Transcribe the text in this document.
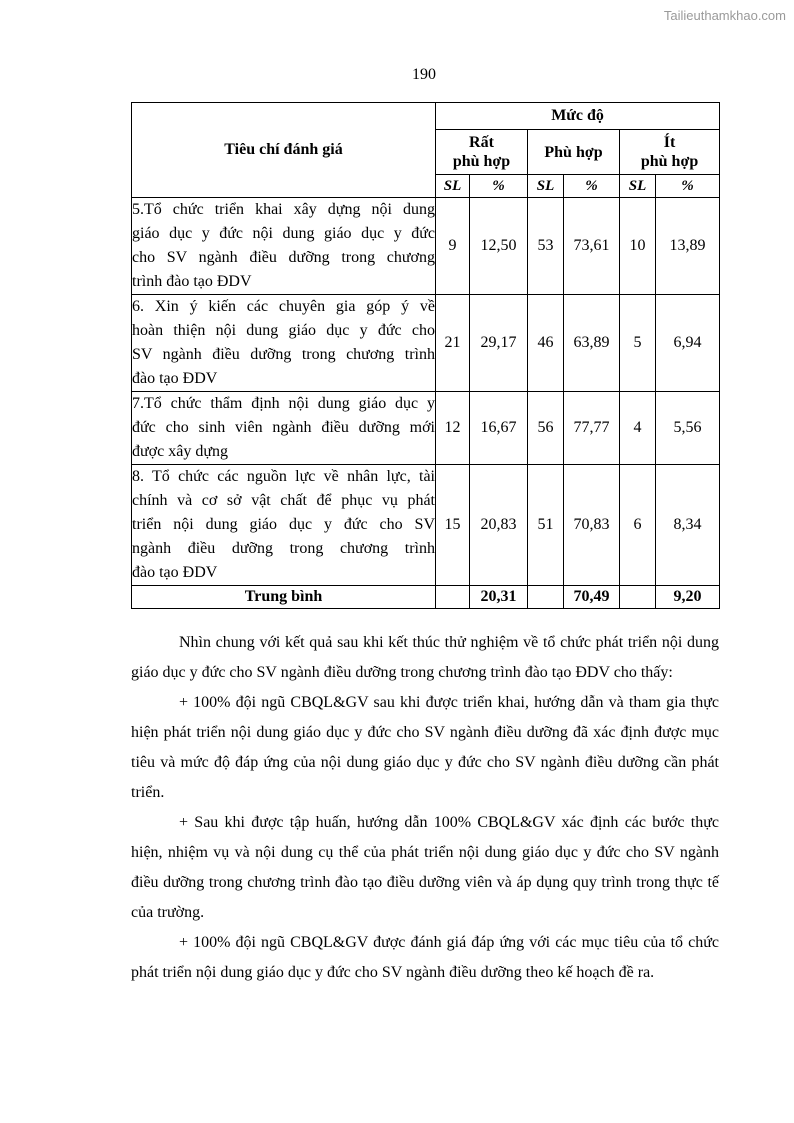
Tailieuthamkhao.com
190
Tiêu chí đánh giá	Mức độ					
	Rất
phù hợp		Phù hợp		Ít
phù hợp	
	SL	%	SL	%	SL	%

5.Tổ chức triển khai xây dựng nội dung
giáo dục y đức nội dung giáo dục y đức
cho SV ngành điều dưỡng trong chương
trình đào tạo ĐDV	9	12,50	53	73,61	10	13,89

6. Xin ý kiến các chuyên gia góp ý về
hoàn thiện nội dung giáo dục y đức cho
SV ngành điều dưỡng trong chương trình
đào tạo ĐDV	21	29,17	46	63,89	5	6,94

7.Tổ chức thẩm định nội dung giáo dục y
đức cho sinh viên ngành điều dưỡng mới
được xây dựng	12	16,67	56	77,77	4	5,56

8. Tổ chức các nguồn lực về nhân lực, tài
chính và cơ sở vật chất để phục vụ phát
triển nội dung giáo dục y đức cho SV
ngành điều dưỡng trong chương trình
đào tạo ĐDV	15	20,83	51	70,83	6	8,34
Trung bình		20,31		70,49		9,20

Nhìn chung với kết quả sau khi kết thúc thử nghiệm về tổ chức phát triển nội dung giáo dục y đức cho SV ngành điều dưỡng trong chương trình đào tạo ĐDV cho thấy:

+ 100% đội ngũ CBQL&GV sau khi được triển khai, hướng dẫn và tham gia thực hiện phát triển nội dung giáo dục y đức cho SV ngành điều dưỡng đã xác định được mục tiêu và mức độ đáp ứng của nội dung giáo dục y đức cho SV ngành điều dưỡng cần phát triển.

+ Sau khi được tập huấn, hướng dẫn 100% CBQL&GV xác định các bước thực hiện, nhiệm vụ và nội dung cụ thể của phát triển nội dung giáo dục y đức cho SV ngành điều dưỡng trong chương trình đào tạo điều dưỡng viên và áp dụng quy trình trong thực tế của trường.

+ 100% đội ngũ CBQL&GV được đánh giá đáp ứng với các mục tiêu của tổ chức phát triển nội dung giáo dục y đức cho SV ngành điều dưỡng theo kế hoạch đề ra.
